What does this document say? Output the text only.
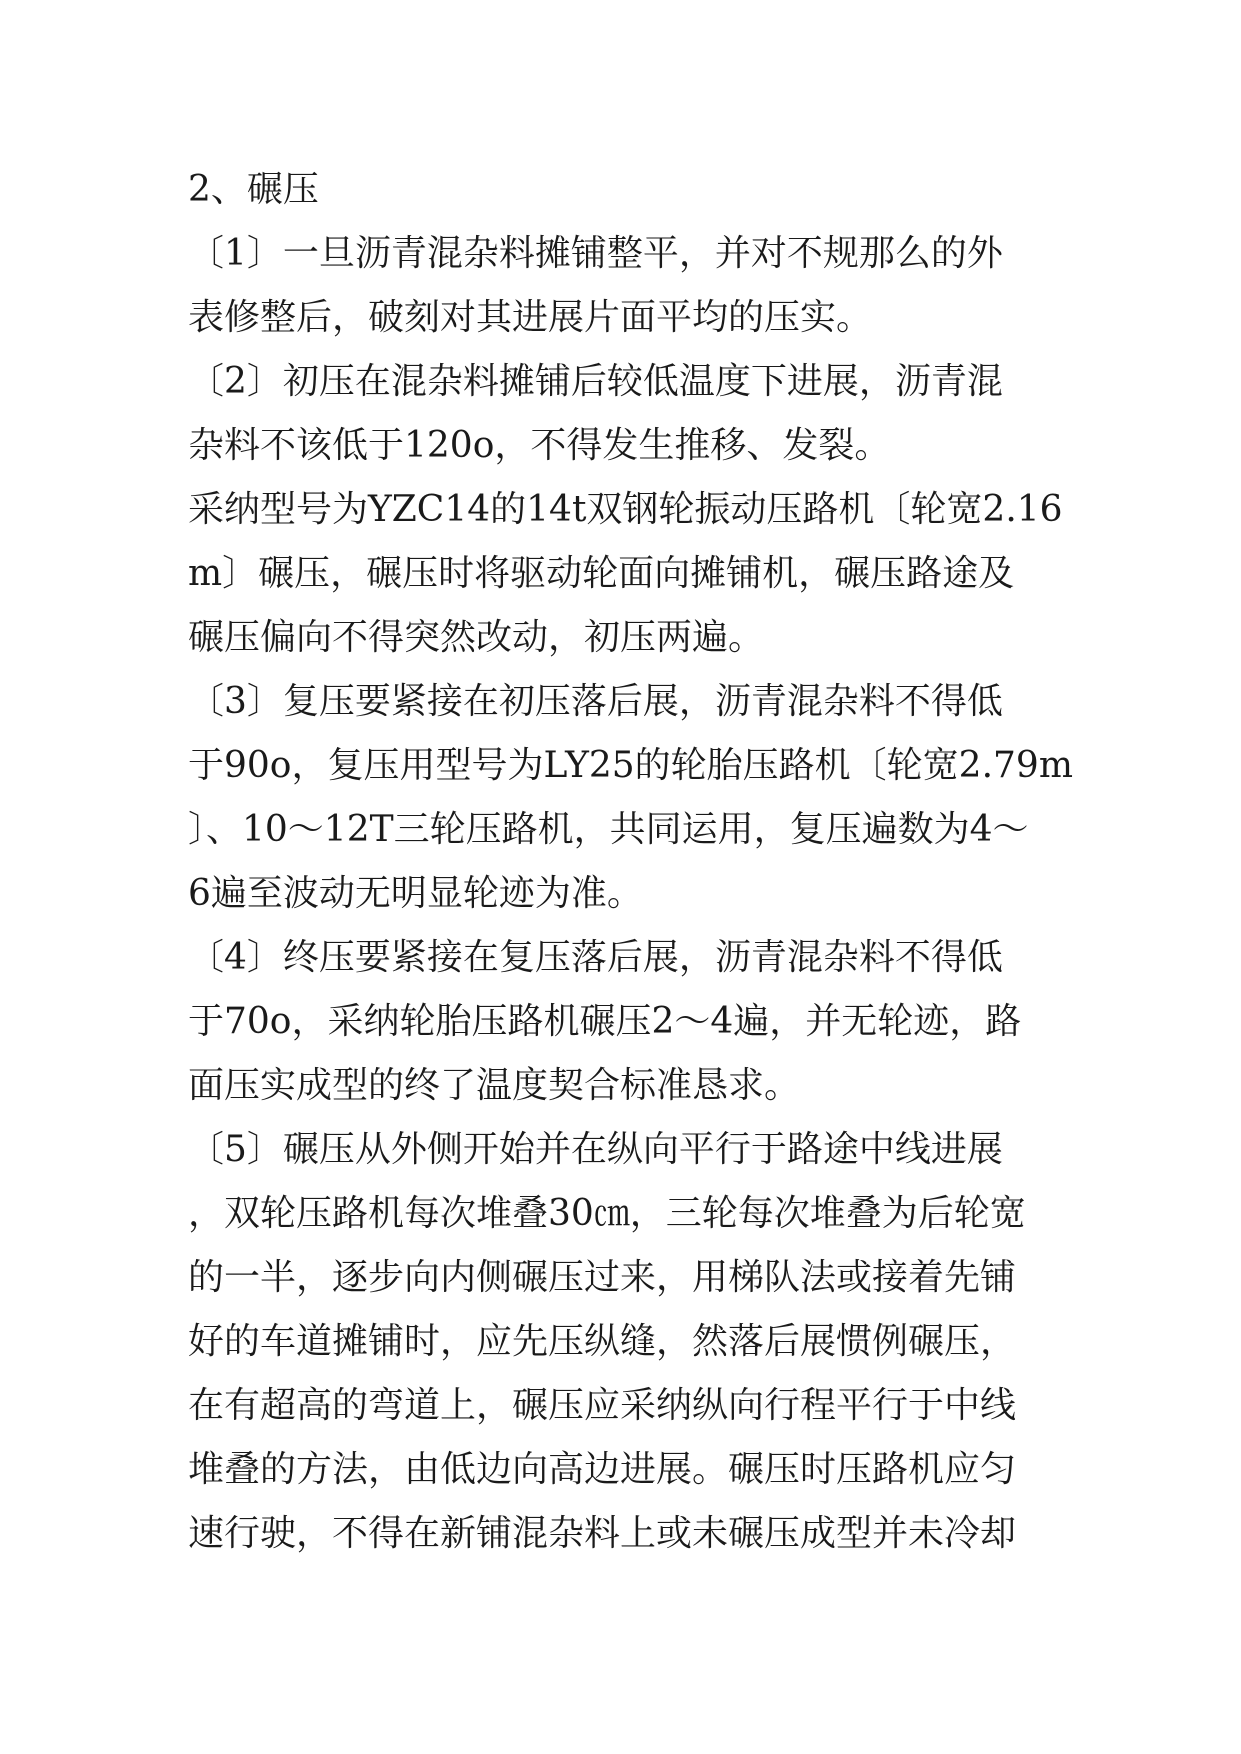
2、碾压
〔1〕一旦沥青混杂料摊铺整平，并对不规那么的外
表修整后，破刻对其进展片面平均的压实。
〔2〕初压在混杂料摊铺后较低温度下进展，沥青混
杂料不该低于120o，不得发生推移、发裂。
采纳型号为YZC14的14t双钢轮振动压路机〔轮宽2.16
m〕碾压，碾压时将驱动轮面向摊铺机，碾压路途及
碾压偏向不得突然改动，初压两遍。
〔3〕复压要紧接在初压落后展，沥青混杂料不得低
于90o，复压用型号为LY25的轮胎压路机〔轮宽2.79m
〕、10～12T三轮压路机，共同运用，复压遍数为4～
6遍至波动无明显轮迹为准。
〔4〕终压要紧接在复压落后展，沥青混杂料不得低
于70o，采纳轮胎压路机碾压2～4遍，并无轮迹，路
面压实成型的终了温度契合标准恳求。
〔5〕碾压从外侧开始并在纵向平行于路途中线进展
，双轮压路机每次堆叠30㎝，三轮每次堆叠为后轮宽
的一半，逐步向内侧碾压过来，用梯队法或接着先铺
好的车道摊铺时，应先压纵缝，然落后展惯例碾压，
在有超高的弯道上，碾压应采纳纵向行程平行于中线
堆叠的方法，由低边向高边进展。碾压时压路机应匀
速行驶，不得在新铺混杂料上或未碾压成型并未冷却
